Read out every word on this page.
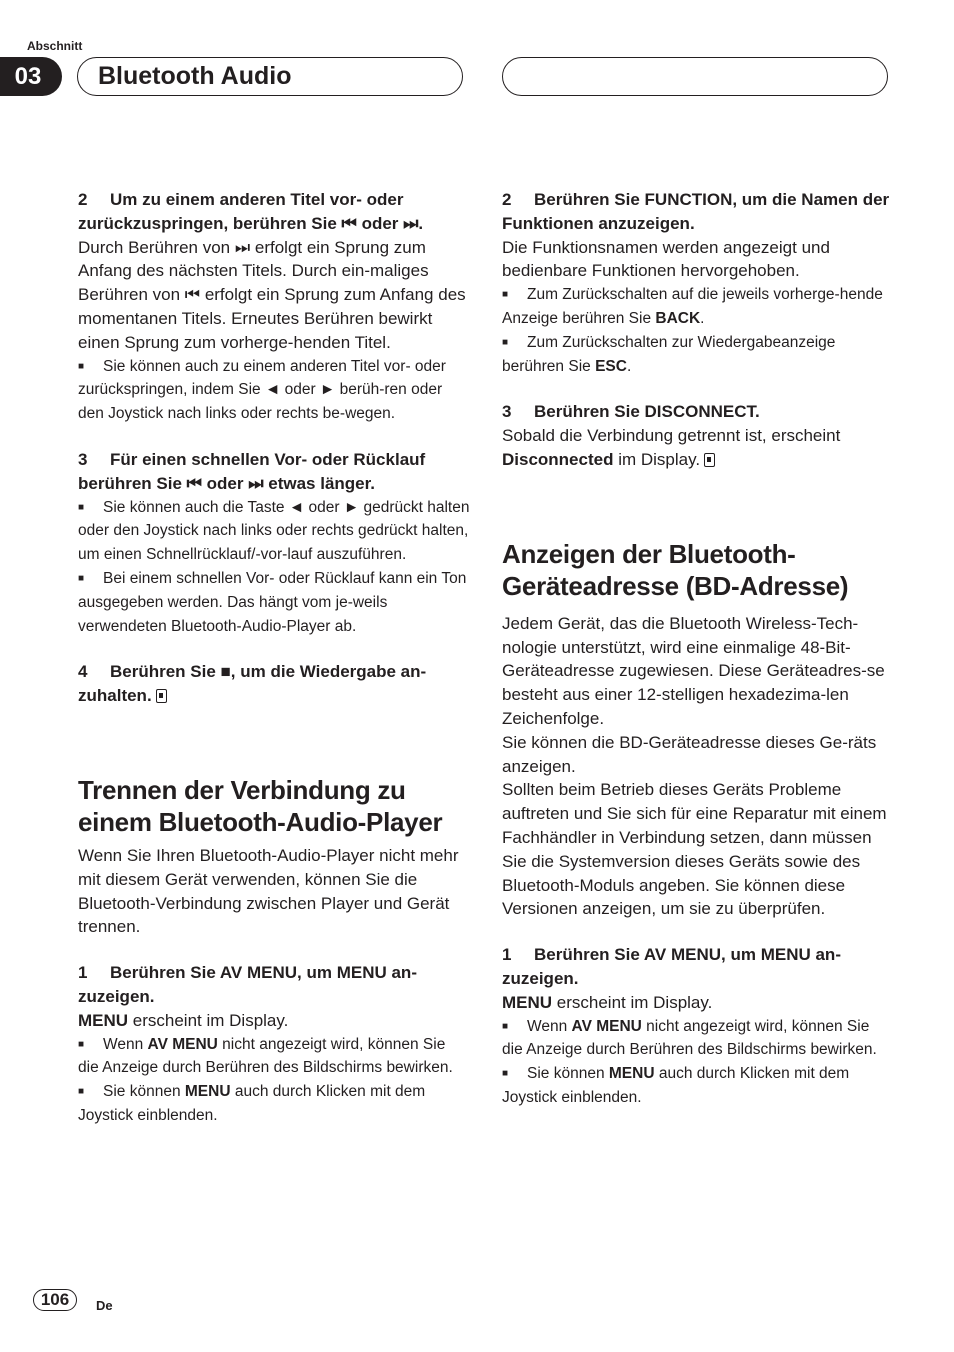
Abschnitt
03	Bluetooth Audio

2 Um zu einem anderen Titel vor- oder zurückzuspringen, berühren Sie ⏮ oder ⏭.

Durch Berühren von ⏭ erfolgt ein Sprung zum Anfang des nächsten Titels. Durch ein-maliges Berühren von ⏮ erfolgt ein Sprung zum Anfang des momentanen Titels. Erneutes Berühren bewirkt einen Sprung zum vorherge-henden Titel.

■ Sie können auch zu einem anderen Titel vor- oder zurückspringen, indem Sie ◄ oder ► berüh-ren oder den Joystick nach links oder rechts be-wegen.

3 Für einen schnellen Vor- oder Rücklauf berühren Sie ⏮ oder ⏭ etwas länger.

■ Sie können auch die Taste ◄ oder ► gedrückt halten oder den Joystick nach links oder rechts gedrückt halten, um einen Schnellrücklauf/-vor-lauf auszuführen.

■ Bei einem schnellen Vor- oder Rücklauf kann ein Ton ausgegeben werden. Das hängt vom je-weils verwendeten Bluetooth-Audio-Player ab.

4 Berühren Sie ■, um die Wiedergabe an-zuhalten.

Trennen der Verbindung zu einem Bluetooth-Audio-Player

Wenn Sie Ihren Bluetooth-Audio-Player nicht mehr mit diesem Gerät verwenden, können Sie die Bluetooth-Verbindung zwischen Player und Gerät trennen.

1 Berühren Sie AV MENU, um MENU an-zuzeigen.

MENU erscheint im Display.

■ Wenn AV MENU nicht angezeigt wird, können Sie die Anzeige durch Berühren des Bildschirms bewirken.

■ Sie können MENU auch durch Klicken mit dem Joystick einblenden.

2 Berühren Sie FUNCTION, um die Namen der Funktionen anzuzeigen.

Die Funktionsnamen werden angezeigt und bedienbare Funktionen hervorgehoben.

■ Zum Zurückschalten auf die jeweils vorherge-hende Anzeige berühren Sie BACK.

■ Zum Zurückschalten zur Wiedergabeanzeige berühren Sie ESC.

3 Berühren Sie DISCONNECT.

Sobald die Verbindung getrennt ist, erscheint Disconnected im Display.

Anzeigen der Bluetooth-Geräteadresse (BD-Adresse)

Jedem Gerät, das die Bluetooth Wireless-Tech-nologie unterstützt, wird eine einmalige 48-Bit-Geräteadresse zugewiesen. Diese Geräteadres-se besteht aus einer 12-stelligen hexadezima-len Zeichenfolge.

Sie können die BD-Geräteadresse dieses Ge-räts anzeigen.

Sollten beim Betrieb dieses Geräts Probleme auftreten und Sie sich für eine Reparatur mit einem Fachhändler in Verbindung setzen, dann müssen Sie die Systemversion dieses Geräts sowie des Bluetooth-Moduls angeben. Sie können diese Versionen anzeigen, um sie zu überprüfen.

1 Berühren Sie AV MENU, um MENU an-zuzeigen.

MENU erscheint im Display.

■ Wenn AV MENU nicht angezeigt wird, können Sie die Anzeige durch Berühren des Bildschirms bewirken.

■ Sie können MENU auch durch Klicken mit dem Joystick einblenden.

106	De
